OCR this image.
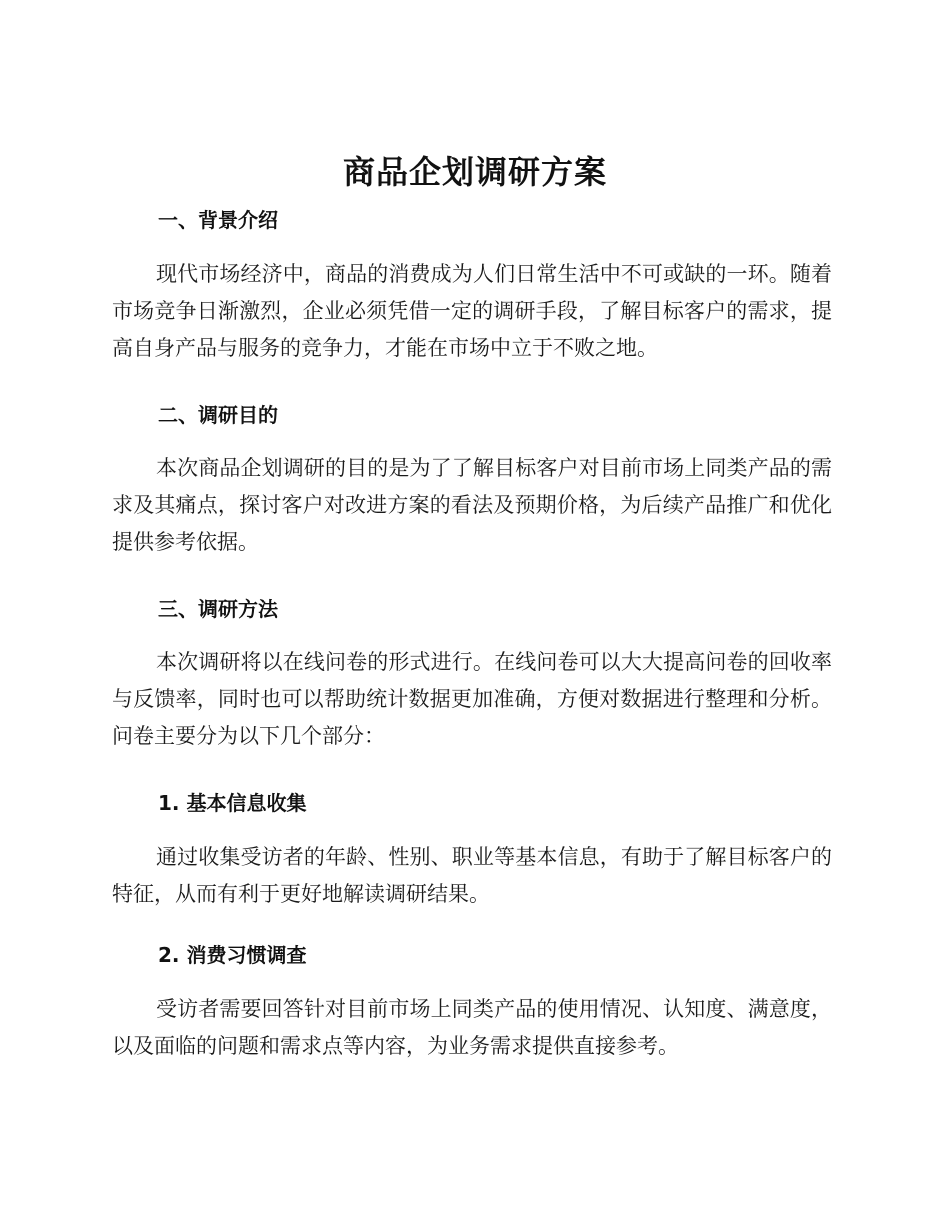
商品企划调研方案
一、背景介绍

现代市场经济中，商品的消费成为人们日常生活中不可或缺的一环。随着市场竞争日渐激烈，企业必须凭借一定的调研手段，了解目标客户的需求，提高自身产品与服务的竞争力，才能在市场中立于不败之地。

二、调研目的

本次商品企划调研的目的是为了了解目标客户对目前市场上同类产品的需求及其痛点，探讨客户对改进方案的看法及预期价格，为后续产品推广和优化提供参考依据。

三、调研方法

本次调研将以在线问卷的形式进行。在线问卷可以大大提高问卷的回收率与反馈率，同时也可以帮助统计数据更加准确，方便对数据进行整理和分析。问卷主要分为以下几个部分：

1. 基本信息收集

通过收集受访者的年龄、性别、职业等基本信息，有助于了解目标客户的特征，从而有利于更好地解读调研结果。

2. 消费习惯调查

受访者需要回答针对目前市场上同类产品的使用情况、认知度、满意度，以及面临的问题和需求点等内容，为业务需求提供直接参考。
